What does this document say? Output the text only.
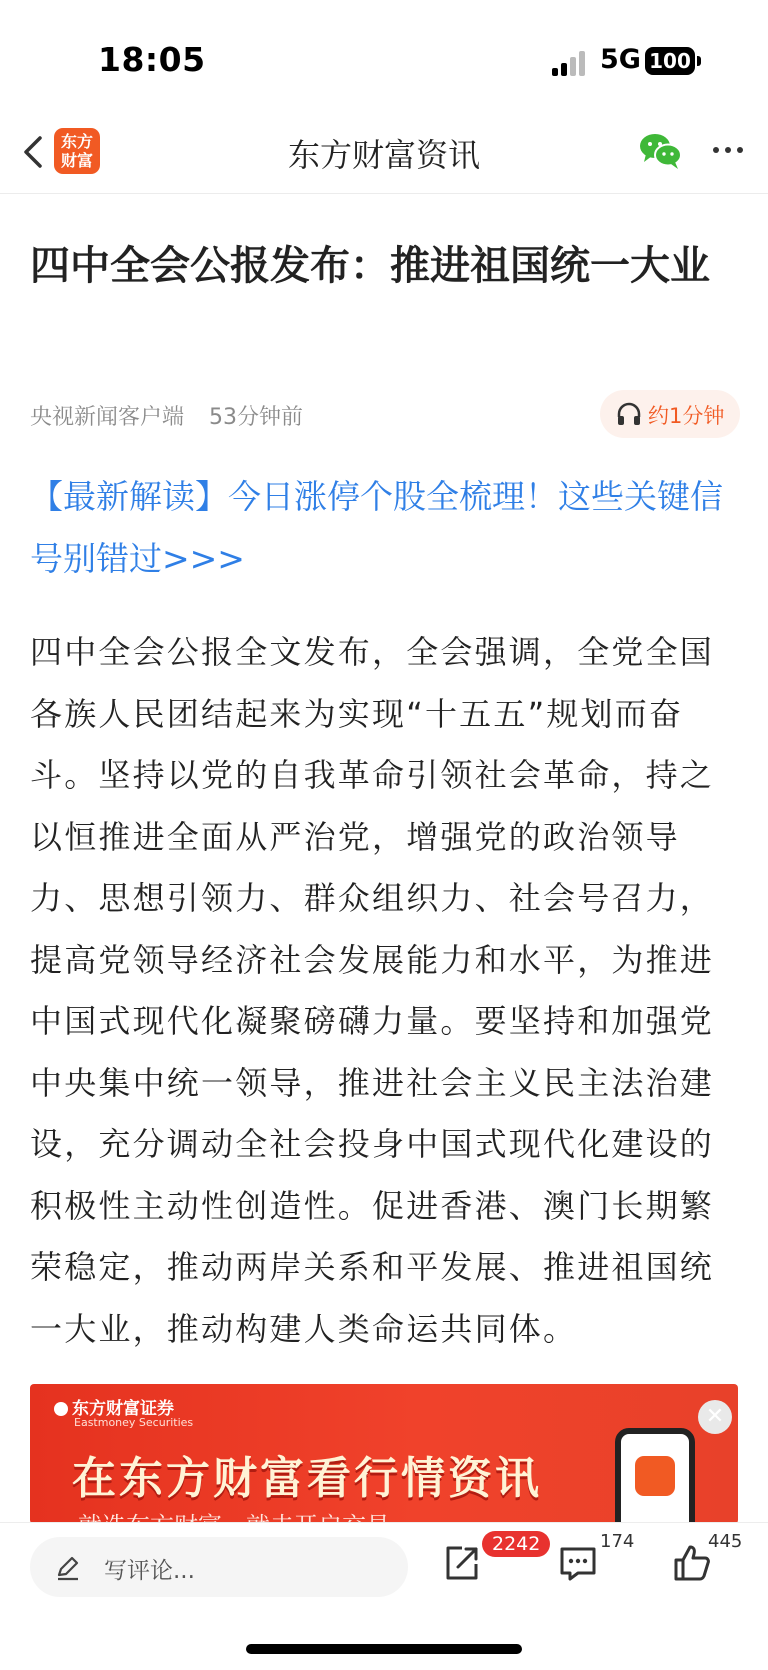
18:05	5G 100
东方财富	东方财富资讯
四中全会公报发布：推进祖国统一大业
央视新闻客户端 53分钟前	约1分钟
【最新解读】今日涨停个股全梳理！这些关键信号别错过>>>

四中全会公报全文发布，全会强调，全党全国各族人民团结起来为实现“十五五”规划而奋斗。坚持以党的自我革命引领社会革命，持之以恒推进全面从严治党，增强党的政治领导力、思想引领力、群众组织力、社会号召力，提高党领导经济社会发展能力和水平，为推进中国式现代化凝聚磅礴力量。要坚持和加强党中央集中统一领导，推进社会主义民主法治建设，充分调动全社会投身中国式现代化建设的积极性主动性创造性。促进香港、澳门长期繁荣稳定，推动两岸关系和平发展、推进祖国统一大业，推动构建人类命运共同体。

东方财富证券
Eastmoney Securities
在东方财富看行情资讯
✕
写评论...
2242	174	445
